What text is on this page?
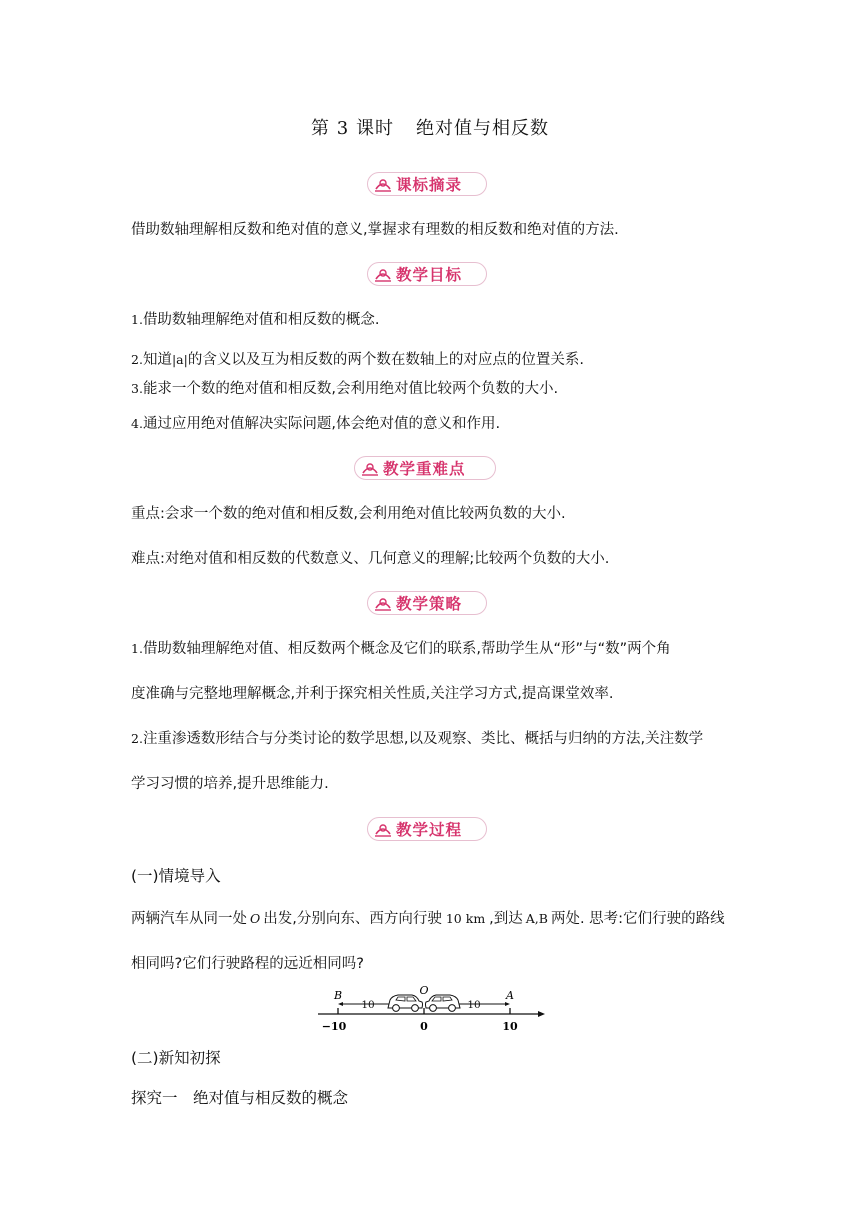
第 3 课时 绝对值与相反数
课标摘录
借助数轴理解相反数和绝对值的意义,掌握求有理数的相反数和绝对值的方法.
教学目标
1.借助数轴理解绝对值和相反数的概念.
2.知道|a|的含义以及互为相反数的两个数在数轴上的对应点的位置关系.
3.能求一个数的绝对值和相反数,会利用绝对值比较两个负数的大小.
4.通过应用绝对值解决实际问题,体会绝对值的意义和作用.
教学重难点
重点:会求一个数的绝对值和相反数,会利用绝对值比较两负数的大小.
难点:对绝对值和相反数的代数意义、几何意义的理解;比较两个负数的大小.
教学策略
1.借助数轴理解绝对值、相反数两个概念及它们的联系,帮助学生从“形”与“数”两个角
度准确与完整地理解概念,并利于探究相关性质,关注学习方式,提高课堂效率.
2.注重渗透数形结合与分类讨论的数学思想,以及观察、类比、概括与归纳的方法,关注数学
学习习惯的培养,提升思维能力.
教学过程
(一)情境导入
两辆汽车从同一处 O 出发,分别向东、西方向行驶 10 km ,到达 A,B 两处. 思考:它们行驶的路线
相同吗?它们行驶路程的远近相同吗?
B	O	A
10	10
−10	0	10
(二)新知初探
探究一　绝对值与相反数的概念
